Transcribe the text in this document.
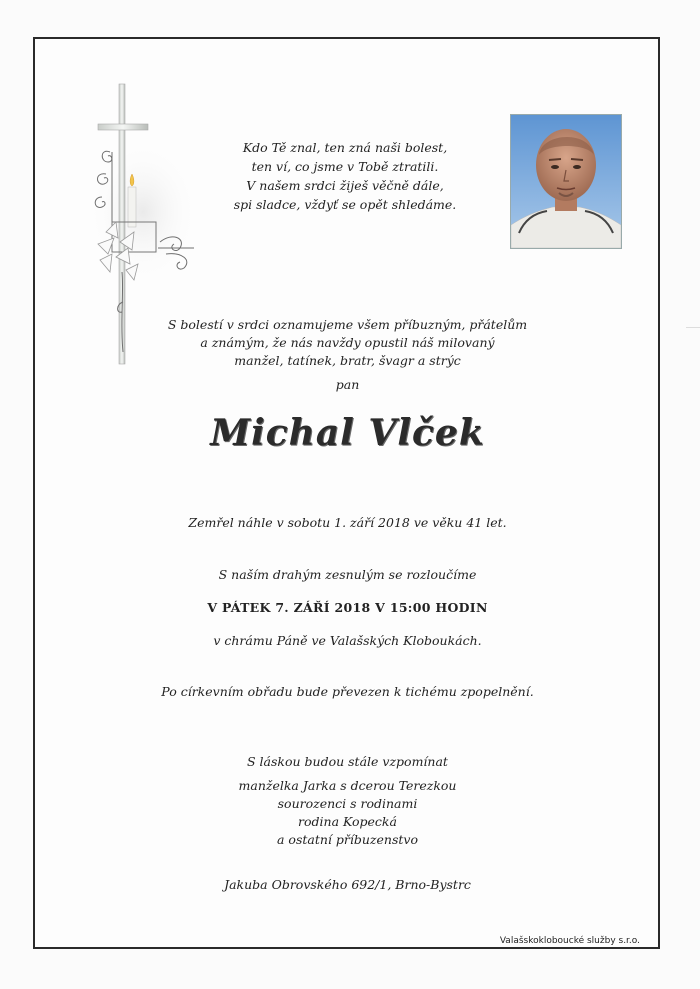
Kdo Tě znal, ten zná naši bolest,
ten ví, co jsme v Tobě ztratili.
V našem srdci žiješ věčně dále,
spi sladce, vždyť se opět shledáme.
S bolestí v srdci oznamujeme všem příbuzným, přátelům
a známým, že nás navždy opustil náš milovaný
manžel, tatínek, bratr, švagr a strýc
pan
Michal Vlček
Zemřel náhle v sobotu 1. září 2018 ve věku 41 let.
S naším drahým zesnulým se rozloučíme
V PÁTEK 7. ZÁŘÍ 2018 V 15:00 HODIN
v chrámu Páně ve Valašských Kloboukách.
Po církevním obřadu bude převezen k tichému zpopelnění.
S láskou budou stále vzpomínat
manželka Jarka s dcerou Terezkou
sourozenci s rodinami
rodina Kopecká
a ostatní příbuzenstvo
Jakuba Obrovského 692/1, Brno-Bystrc
Valašskokloboucké služby s.r.o.
